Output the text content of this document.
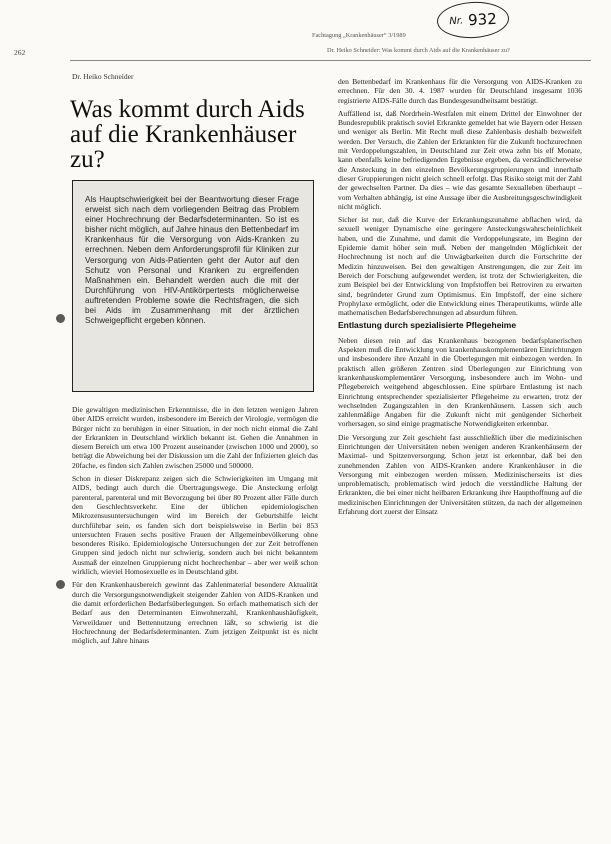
262
Fachtagung „Krankenhäuser“ 3/1989
Dr. Heiko Schneider: Was kommt durch Aids auf die Krankenhäuser zu?
Nr. 932
Dr. Heiko Schneider
Was kommt durch Aids auf die Krankenhäuser zu?

Als Hauptschwierigkeit bei der Beantwortung dieser Frage erweist sich nach dem vorliegenden Beitrag das Problem einer Hochrechnung der Bedarfsdeterminanten. So ist es bisher nicht möglich, auf Jahre hinaus den Bettenbedarf im Krankenhaus für die Versorgung von Aids-Kranken zu errechnen. Neben dem Anforderungsprofil für Kliniken zur Versorgung von Aids-Patienten geht der Autor auf den Schutz von Personal und Kranken zu ergreifenden Maßnahmen ein. Behandelt werden auch die mit der Durchführung von HIV-Antikörpertests möglicherweise auftretenden Probleme sowie die Rechtsfragen, die sich bei Aids im Zusammenhang mit der ärztlichen Schweigepflicht ergeben können.

Die gewaltigen medizinischen Erkenntnisse, die in den letzten wenigen Jahren über AIDS erreicht wurden, insbesondere im Bereich der Virologie, vermögen die Bürger nicht zu beruhigen in einer Situation, in der noch nicht einmal die Zahl der Erkrankten in Deutschland wirklich bekannt ist. Gehen die Annahmen in diesem Bereich um etwa 100 Prozent auseinander (zwischen 1000 und 2000), so beträgt die Abweichung bei der Diskussion um die Zahl der Infizierten gleich das 20fache, es finden sich Zahlen zwischen 25000 und 500000.

Schon in dieser Diskrepanz zeigen sich die Schwierigkeiten im Umgang mit AIDS, bedingt auch durch die Übertragungswege. Die Ansteckung erfolgt parenteral, parenteral und mit Bevorzugung bei über 80 Prozent aller Fälle durch den Geschlechtsverkehr. Eine der üblichen epidemiologischen Mikrozensusuntersuchungen wird im Bereich der Geburtshilfe leicht durchführbar sein, es fanden sich dort beispielsweise in Berlin bei 853 untersuchten Frauen sechs positive Frauen der Allgemeinbevölkerung ohne besonderes Risiko. Epidemiologische Untersuchungen der zur Zeit betroffenen Gruppen sind jedoch nicht nur schwierig, sondern auch bei nicht bekanntem Ausmaß der einzelnen Gruppierung nicht hochrechenbar – aber wer weiß schon wirklich, wieviel Homosexuelle es in Deutschland gibt.

Für den Krankenhausbereich gewinnt das Zahlenmaterial besondere Aktualität durch die Versorgungsnotwendigkeit steigender Zahlen von AIDS-Kranken und die damit erforderlichen Bedarfsüberlegungen. So erfach mathematisch sich der Bedarf aus den Determinanten Einwohnerzahl, Krankenhaushäufigkeit, Verweildauer und Bettennutzung errechnen läßt, so schwierig ist die Hochrechnung der Bedarfsdeterminanten. Zum jetzigen Zeitpunkt ist es nicht möglich, auf Jahre hinaus

den Bettenbedarf im Krankenhaus für die Versorgung von AIDS-Kranken zu errechnen. Für den 30. 4. 1987 wurden für Deutschland insgesamt 1036 registrierte AIDS-Fälle durch das Bundesgesundheitsamt bestätigt.

Auffällend ist, daß Nordrhein-Westfalen mit einem Drittel der Einwohner der Bundesrepublik praktisch soviel Erkrankte gemeldet hat wie Bayern oder Hessen und weniger als Berlin. Mit Recht muß diese Zahlenbasis deshalb bezweifelt werden. Der Versuch, die Zahlen der Erkrankten für die Zukunft hochzurechnen mit Verdoppelungszahlen, in Deutschland zur Zeit etwa zehn bis elf Monate, kann ebenfalls keine befriedigenden Ergebnisse ergeben, da verständlicherweise die Ansteckung in den einzelnen Bevölkerungsgruppierungen und innerhalb dieser Gruppierungen nicht gleich schnell erfolgt. Das Risiko steigt mit der Zahl der gewechselten Partner. Da dies – wie das gesamte Sexualleben überhaupt – vom Verhalten abhängig, ist eine Aussage über die Ausbreitungsgeschwindigkeit nicht möglich.

Sicher ist nur, daß die Kurve der Erkrankungszunahme abflachen wird, da sexuell weniger Dynamische eine geringere Ansteckungswahrscheinlichkeit haben, und die Zunahme, und damit die Verdoppelungsrate, im Beginn der Epidemie damit höher sein muß. Neben der mangelnden Möglichkeit der Hochrechnung ist noch auf die Unwägbarkeiten durch die Fortschritte der Medizin hinzuweisen. Bei den gewaltigen Anstrengungen, die zur Zeit im Bereich der Forschung aufgewendet werden, ist trotz der Schwierigkeiten, die zum Beispiel bei der Entwicklung von Impfstoffen bei Retroviren zu erwarten sind, begründeter Grund zum Optimismus. Ein Impfstoff, der eine sichere Prophylaxe ermöglicht, oder die Entwicklung eines Therapeutikums, würde alle mathematischen Bedarfsberechnungen ad absurdum führen.

Entlastung durch spezialisierte Pflegeheime

Neben diesen rein auf das Krankenhaus bezogenen bedarfsplanerischen Aspekten muß die Entwicklung von krankenhauskomplementären Einrichtungen und insbesondere ihre Anzahl in die Überlegungen mit einbezogen werden. In praktisch allen größeren Zentren sind Überlegungen zur Einrichtung von krankenhauskomplementärer Versorgung, insbesondere auch im Wohn- und Pflegebereich weitgehend abgeschlossen. Eine spürbare Entlastung ist nach Einrichtung entsprechender spezialisierter Pflegeheime zu erwarten, trotz der wechselnden Zugangszahlen in den Krankenhäusern. Lassen sich auch zahlenmäßige Angaben für die Zukunft nicht mit genügender Sicherheit vorhersagen, so sind einige pragmatische Notwendigkeiten erkennbar.

Die Versorgung zur Zeit geschieht fast ausschließlich über die medizinischen Einrichtungen der Universitäten neben wenigen anderen Krankenhäusern der Maximal- und Spitzenversorgung. Schon jetzt ist erkennbar, daß bei den zunehmenden Zahlen von AIDS-Kranken andere Krankenhäuser in die Versorgung mit einbezogen werden müssen. Medizinischerseits ist dies unproblematisch, problematisch wird jedoch die verständliche Haltung der Erkrankten, die bei einer nicht heilbaren Erkrankung ihre Haupthoffnung auf die medizinischen Einrichtungen der Universitäten stützen, da nach der allgemeinen Erfahrung dort zuerst der Einsatz
